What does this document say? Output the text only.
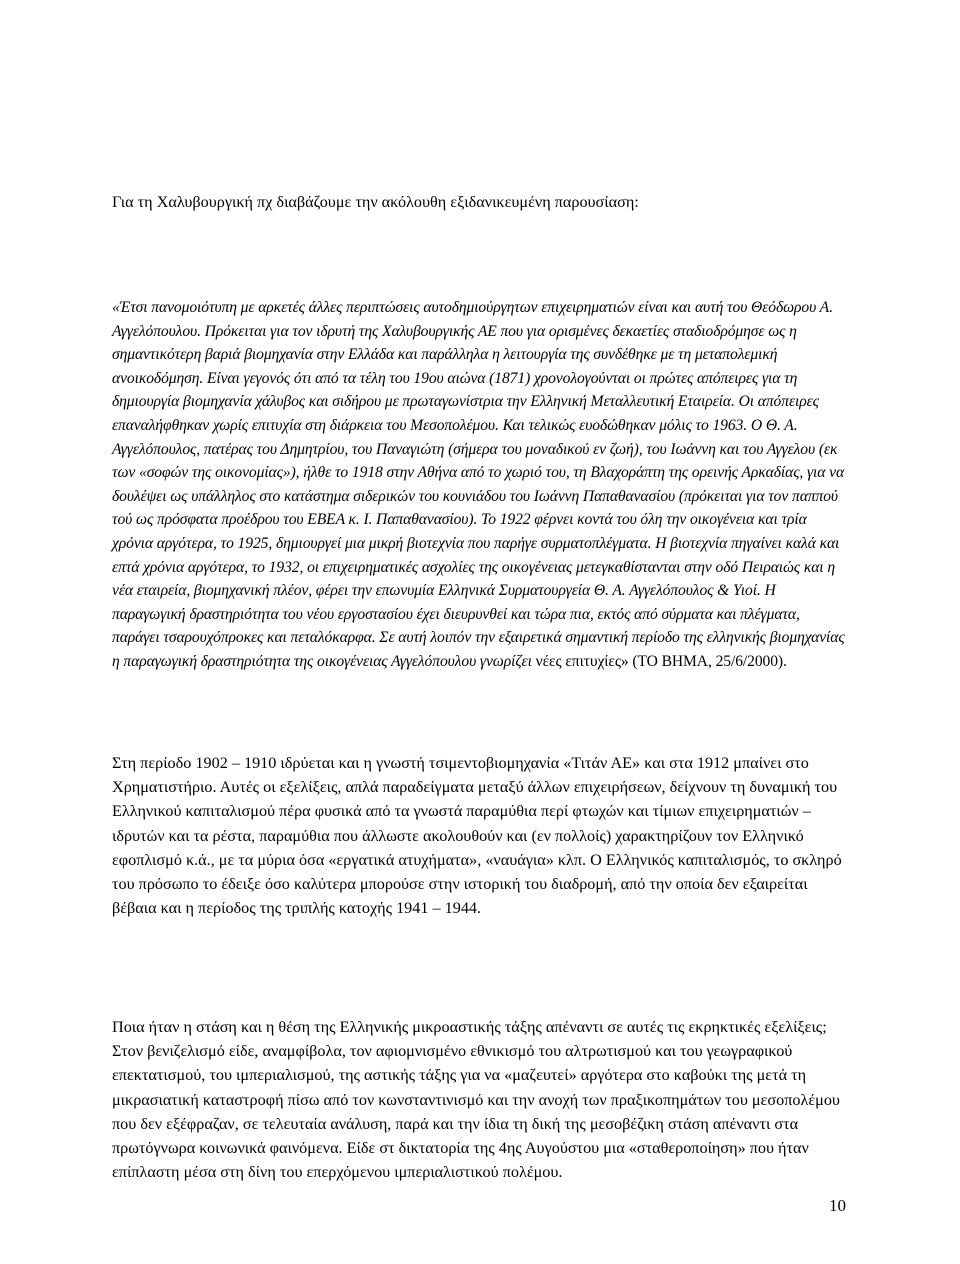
Για τη Χαλυβουργική πχ διαβάζουμε την ακόλουθη εξιδανικευμένη παρουσίαση:

«Έτσι πανομοιότυπη με αρκετές άλλες περιπτώσεις αυτοδημιούργητων επιχειρηματιών είναι και αυτή του Θεόδωρου Α. Αγγελόπουλου. Πρόκειται για τον ιδρυτή της Χαλυβουργικής ΑΕ που για ορισμένες δεκαετίες σταδιοδρόμησε ως η σημαντικότερη βαριά βιομηχανία στην Ελλάδα και παράλληλα η λειτουργία της συνδέθηκε με τη μεταπολεμική ανοικοδόμηση. Είναι γεγονός ότι από τα τέλη του 19ου αιώνα (1871) χρονολογούνται οι πρώτες απόπειρες για τη δημιουργία βιομηχανία χάλυβος και σιδήρου με πρωταγωνίστρια την Ελληνική Μεταλλευτική Εταιρεία. Οι απόπειρες επαναλήφθηκαν χωρίς επιτυχία στη διάρκεια του Μεσοπολέμου. Και τελικώς ευοδώθηκαν μόλις το 1963. Ο Θ. Α. Αγγελόπουλος, πατέρας του Δημητρίου, του Παναγιώτη (σήμερα του μοναδικού εν ζωή), του Ιωάννη και του Αγγελου (εκ των «σοφών της οικονομίας»), ήλθε το 1918 στην Αθήνα από το χωριό του, τη Βλαχοράπτη της ορεινής Αρκαδίας, για να δουλέψει ως υπάλληλος στο κατάστημα σιδερικών του κουνιάδου του Ιωάννη Παπαθανασίου (πρόκειται για τον παππού τού ως πρόσφατα προέδρου του ΕΒΕΑ κ. Ι. Παπαθανασίου). Το 1922 φέρνει κοντά του όλη την οικογένεια και τρία χρόνια αργότερα, το 1925, δημιουργεί μια μικρή βιοτεχνία που παρήγε συρματοπλέγματα. Η βιοτεχνία πηγαίνει καλά και επτά χρόνια αργότερα, το 1932, οι επιχειρηματικές ασχολίες της οικογένειας μετεγκαθίστανται στην οδό Πειραιώς και η νέα εταιρεία, βιομηχανική πλέον, φέρει την επωνυμία Ελληνικά Συρματουργεία Θ. Α. Αγγελόπουλος & Υιοί. Η παραγωγική δραστηριότητα του νέου εργοστασίου έχει διευρυνθεί και τώρα πια, εκτός από σύρματα και πλέγματα, παράγει τσαρουχόπροκες και πεταλόκαρφα. Σε αυτή λοιπόν την εξαιρετικά σημαντική περίοδο της ελληνικής βιομηχανίας η παραγωγική δραστηριότητα της οικογένειας Αγγελόπουλου γνωρίζει νέες επιτυχίες» (ΤΟ ΒΗΜΑ, 25/6/2000).

Στη περίοδο 1902 – 1910 ιδρύεται και η γνωστή τσιμεντοβιομηχανία «Τιτάν ΑΕ» και στα 1912 μπαίνει στο Χρηματιστήριο. Αυτές οι εξελίξεις, απλά παραδείγματα μεταξύ άλλων επιχειρήσεων, δείχνουν τη δυναμική του Ελληνικού καπιταλισμού πέρα φυσικά από τα γνωστά παραμύθια περί φτωχών και τίμιων επιχειρηματιών – ιδρυτών και τα ρέστα, παραμύθια που άλλωστε ακολουθούν και (εν πολλοίς) χαρακτηρίζουν τον Ελληνικό εφοπλισμό κ.ά., με τα μύρια όσα «εργατικά ατυχήματα», «ναυάγια» κλπ. Ο Ελληνικός καπιταλισμός, το σκληρό του πρόσωπο το έδειξε όσο καλύτερα μπορούσε στην ιστορική του διαδρομή, από την οποία δεν εξαιρείται βέβαια και η περίοδος της τριπλής κατοχής 1941 – 1944.

Ποια ήταν η στάση και η θέση της Ελληνικής μικροαστικής τάξης απέναντι σε αυτές τις εκρηκτικές εξελίξεις; Στον βενιζελισμό είδε, αναμφίβολα, τον αφιομνισμένο εθνικισμό του αλτρωτισμού και του γεωγραφικού επεκτατισμού, του ιμπεριαλισμού, της αστικής τάξης για να «μαζευτεί» αργότερα στο καβούκι της μετά τη μικρασιατική καταστροφή πίσω από τον κωνσταντινισμό και την ανοχή των πραξικοπημάτων του μεσοπολέμου που δεν εξέφραζαν, σε τελευταία ανάλυση, παρά και την ίδια τη δική της μεσοβέζικη στάση απέναντι στα πρωτόγνωρα κοινωνικά φαινόμενα. Είδε στ δικτατορία της 4ης Αυγούστου μια «σταθεροποίηση» που ήταν επίπλαστη μέσα στη δίνη του επερχόμενου ιμπεριαλιστικού πολέμου.

10
